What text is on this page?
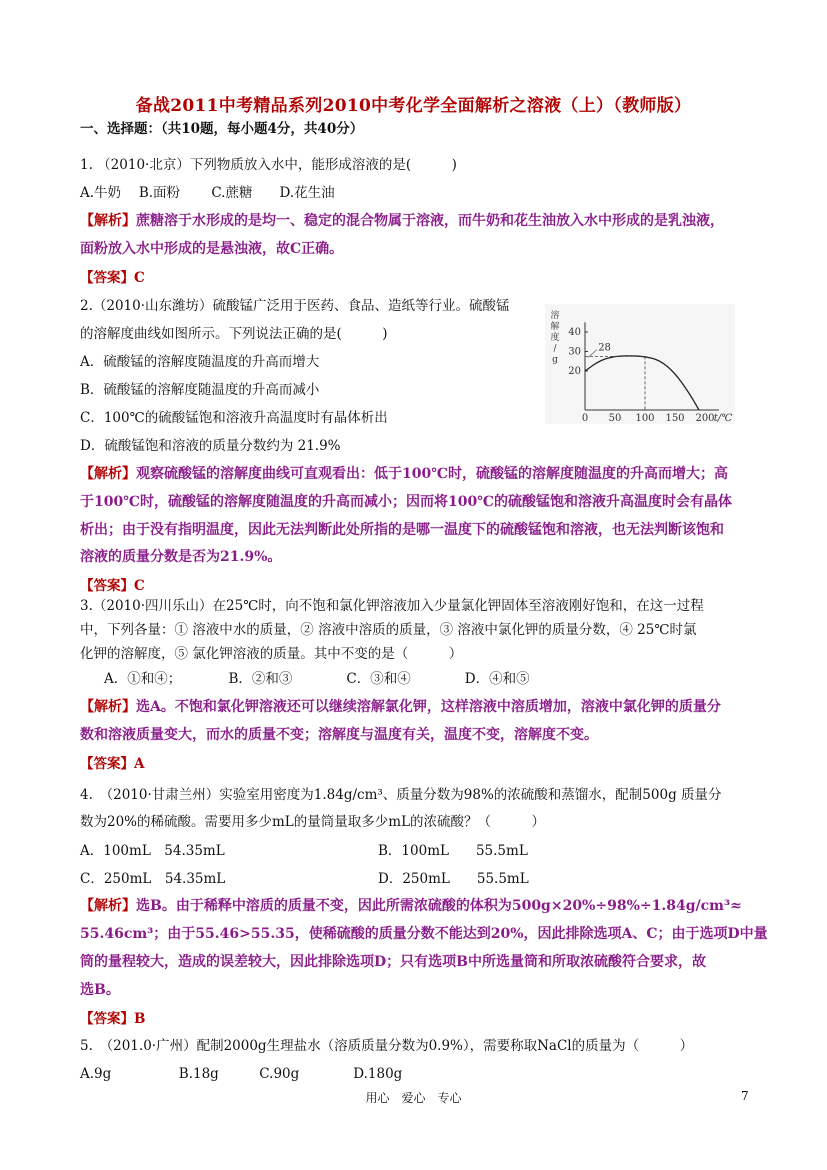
备战2011中考精品系列2010中考化学全面解析之溶液（上）（教师版）
一、选择题：（共10题，每小题4分，共40分）
1. （2010·北京）下列物质放入水中，能形成溶液的是(　　　)
A.牛奶　 B.面粉　　 C.蔗糖　　D.花生油
【解析】蔗糖溶于水形成的是均一、稳定的混合物属于溶液，而牛奶和花生油放入水中形成的是乳浊液，
面粉放入水中形成的是悬浊液，故C正确。
【答案】C
2.（2010·山东潍坊）硫酸锰广泛用于医药、食品、造纸等行业。硫酸锰
的溶解度曲线如图所示。下列说法正确的是(　　　)
A．硫酸锰的溶解度随温度的升高而增大
B．硫酸锰的溶解度随温度的升高而减小
C．100℃的硫酸锰饱和溶液升高温度时有晶体析出
D．硫酸锰饱和溶液的质量分数约为 21.9%
溶
解
度
/
g
20
30
40
0 50 100 150 200 t/℃
28
【解析】观察硫酸锰的溶解度曲线可直观看出：低于100℃时，硫酸锰的溶解度随温度的升高而增大；高
于100℃时，硫酸锰的溶解度随温度的升高而减小；因而将100℃的硫酸锰饱和溶液升高温度时会有晶体
析出；由于没有指明温度，因此无法判断此处所指的是哪一温度下的硫酸锰饱和溶液，也无法判断该饱和
溶液的质量分数是否为21.9%。
【答案】C
3.（2010·四川乐山）在25℃时，向不饱和氯化钾溶液加入少量氯化钾固体至溶液刚好饱和，在这一过程
中，下列各量：① 溶液中水的质量，② 溶液中溶质的质量，③ 溶液中氯化钾的质量分数，④ 25℃时氯
化钾的溶解度，⑤ 氯化钾溶液的质量。其中不变的是（　　　）
A．①和④；　　　　B．②和③　　　　C．③和④　　　　D．④和⑤
【解析】选A。不饱和氯化钾溶液还可以继续溶解氯化钾，这样溶液中溶质增加，溶液中氯化钾的质量分
数和溶液质量变大，而水的质量不变；溶解度与温度有关，温度不变，溶解度不变。
【答案】A
4.　（2010·甘肃兰州）实验室用密度为1.84g/cm³、质量分数为98%的浓硫酸和蒸馏水，配制500g 质量分
数为20%的稀硫酸。需要用多少mL的量筒量取多少mL的浓硫酸？（　　　）
A．100mL　54.35mL	B．100mL　　55.5mL
C．250mL　54.35mL	D．250mL　　55.5mL
【解析】选B。由于稀释中溶质的质量不变，因此所需浓硫酸的体积为500g×20%÷98%÷1.84g/cm³≈
55.46cm³；由于55.46>55.35，使稀硫酸的质量分数不能达到20%，因此排除选项A、C；由于选项D中量
筒的量程较大，造成的误差较大，因此排除选项D；只有选项B中所选量筒和所取浓硫酸符合要求，故
选B。
【答案】B
5.　（201.0·广州）配制2000g生理盐水（溶质质量分数为0.9%），需要称取NaCl的质量为（　　　）
A.9g　　　　　B.18g　　　C.90g　　　　D.180g
用心　爱心　专心	7
